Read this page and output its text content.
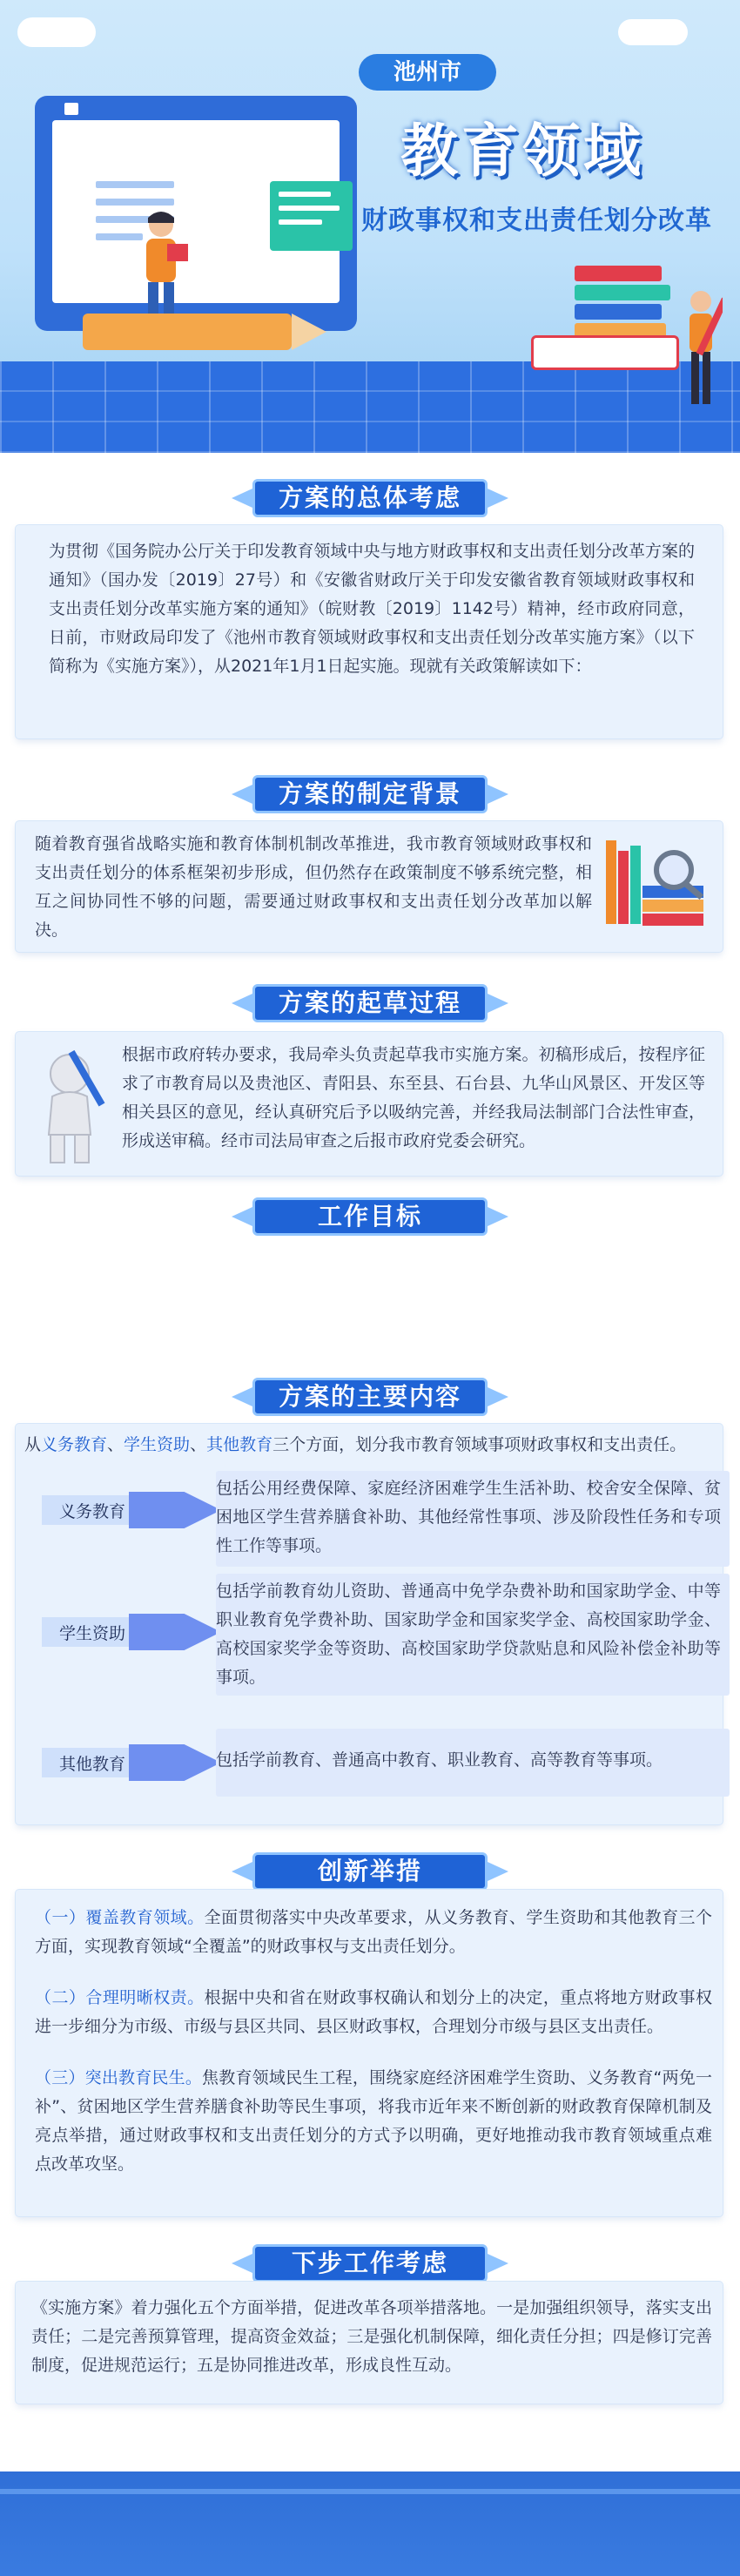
池州市
教育领域
财政事权和支出责任划分改革
方案的总体考虑
为贯彻《国务院办公厅关于印发教育领域中央与地方财政事权和支出责任划分改革方案的通知》（国办发〔2019〕27号）和《安徽省财政厅关于印发安徽省教育领域财政事权和支出责任划分改革实施方案的通知》（皖财教〔2019〕1142号）精神，经市政府同意，日前，市财政局印发了《池州市教育领域财政事权和支出责任划分改革实施方案》（以下简称为《实施方案》），从2021年1月1日起实施。现就有关政策解读如下：
方案的制定背景
随着教育强省战略实施和教育体制机制改革推进，我市教育领域财政事权和支出责任划分的体系框架初步形成，但仍然存在政策制度不够系统完整，相互之间协同性不够的问题，需要通过财政事权和支出责任划分改革加以解决。
方案的起草过程
根据市政府转办要求，我局牵头负责起草我市实施方案。初稿形成后，按程序征求了市教育局以及贵池区、青阳县、东至县、石台县、九华山风景区、开发区等相关县区的意见，经认真研究后予以吸纳完善，并经我局法制部门合法性审查，形成送审稿。经市司法局审查之后报市政府党委会研究。
工作目标
《实施方案》在保持教育领域现行财政政策基本稳定的基础上，进一步完善权责清晰、财力协调、区域均衡的市以下财政关系，加快建立我市现代财政制度，推进教育公平优先发展，打造“三优池州”。
方案的主要内容
从义务教育、学生资助、其他教育三个方面，划分我市教育领域事项财政事权和支出责任。
义务教育
包括公用经费保障、家庭经济困难学生生活补助、校舍安全保障、贫困地区学生营养膳食补助、其他经常性事项、涉及阶段性任务和专项性工作等事项。
学生资助
包括学前教育幼儿资助、普通高中免学杂费补助和国家助学金、中等职业教育免学费补助、国家助学金和国家奖学金、高校国家助学金、高校国家奖学金等资助、高校国家助学贷款贴息和风险补偿金补助等事项。
其他教育	包括学前教育、普通高中教育、职业教育、高等教育等事项。
创新举措
（一）覆盖教育领域。全面贯彻落实中央改革要求，从义务教育、学生资助和其他教育三个方面，实现教育领域“全覆盖”的财政事权与支出责任划分。
（二）合理明晰权责。根据中央和省在财政事权确认和划分上的决定，重点将地方财政事权进一步细分为市级、市级与县区共同、县区财政事权，合理划分市级与县区支出责任。
（三）突出教育民生。焦教育领域民生工程，围绕家庭经济困难学生资助、义务教育“两免一补”、贫困地区学生营养膳食补助等民生事项，将我市近年来不断创新的财政教育保障机制及亮点举措，通过财政事权和支出责任划分的方式予以明确，更好地推动我市教育领域重点难点改革攻坚。
下步工作考虑
《实施方案》着力强化五个方面举措，促进改革各项举措落地。一是加强组织领导，落实支出责任；二是完善预算管理，提高资金效益；三是强化机制保障，细化责任分担；四是修订完善制度，促进规范运行；五是协同推进改革，形成良性互动。
